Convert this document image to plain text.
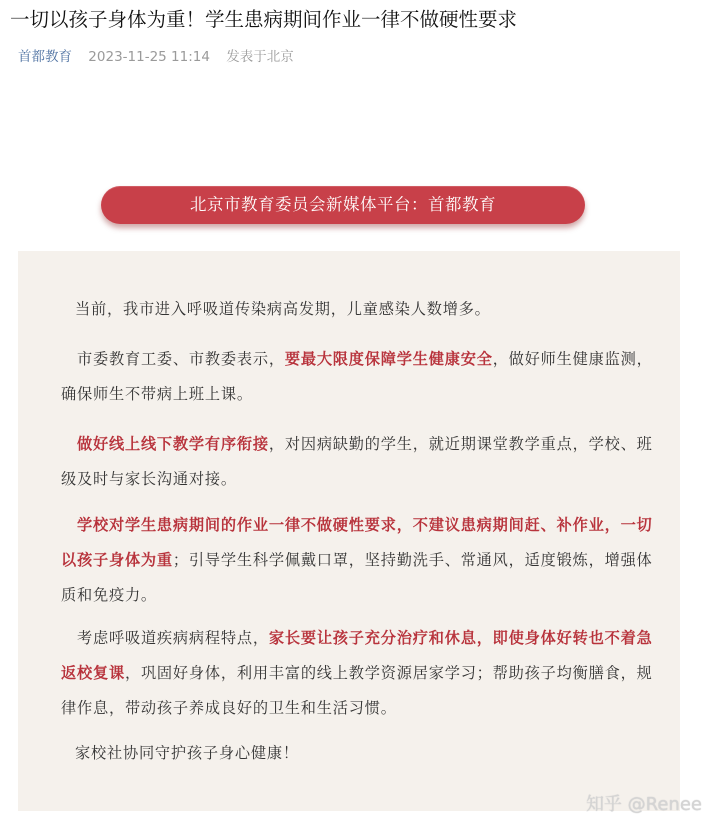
一切以孩子身体为重！学生患病期间作业一律不做硬性要求
首都教育 2023-11-25 11:14 发表于北京
北京市教育委员会新媒体平台：首都教育
当前，我市进入呼吸道传染病高发期，儿童感染人数增多。
市委教育工委、市教委表示，要最大限度保障学生健康安全，做好师生健康监测，确保师生不带病上班上课。
做好线上线下教学有序衔接，对因病缺勤的学生，就近期课堂教学重点，学校、班级及时与家长沟通对接。
学校对学生患病期间的作业一律不做硬性要求，不建议患病期间赶、补作业，一切以孩子身体为重；引导学生科学佩戴口罩，坚持勤洗手、常通风，适度锻炼，增强体质和免疫力。
考虑呼吸道疾病病程特点，家长要让孩子充分治疗和休息，即使身体好转也不着急返校复课，巩固好身体，利用丰富的线上教学资源居家学习；帮助孩子均衡膳食，规律作息，带动孩子养成良好的卫生和生活习惯。
家校社协同守护孩子身心健康！
知乎 @Renee
